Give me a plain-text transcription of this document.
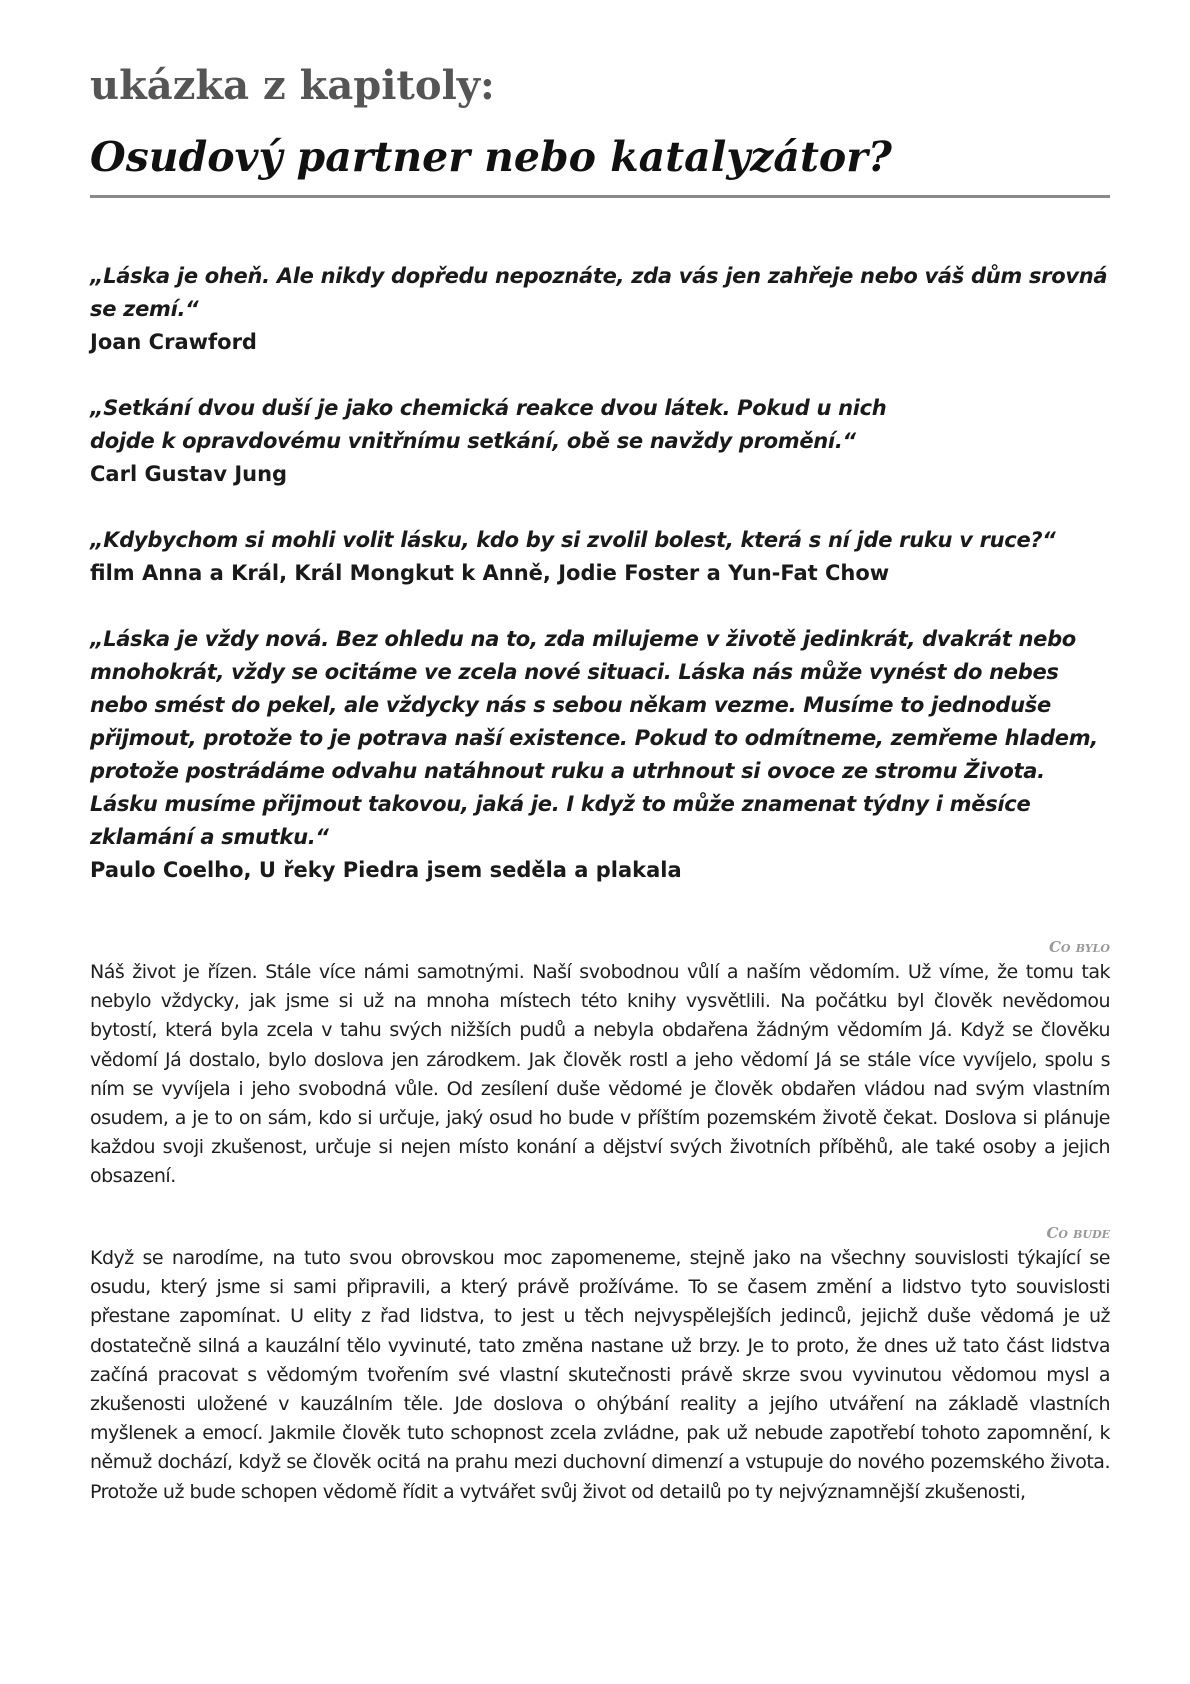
ukázka z kapitoly:
Osudový partner nebo katalyzátor?

„Láska je oheň. Ale nikdy dopředu nepoznáte, zda vás jen zahřeje nebo váš dům srovná se zemí.“

Joan Crawford

„Setkání dvou duší je jako chemická reakce dvou látek. Pokud u nich dojde k opravdovému vnitřnímu setkání, obě se navždy promění.“

Carl Gustav Jung

„Kdybychom si mohli volit lásku, kdo by si zvolil bolest, která s ní jde ruku v ruce?“

film Anna a Král, Král Mongkut k Anně, Jodie Foster a Yun-Fat Chow

„Láska je vždy nová. Bez ohledu na to, zda milujeme v životě jedinkrát, dvakrát nebo mnohokrát, vždy se ocitáme ve zcela nové situaci. Láska nás může vynést do nebes nebo smést do pekel, ale vždycky nás s sebou někam vezme. Musíme to jednoduše přijmout, protože to je potrava naší existence. Pokud to odmítneme, zemřeme hladem, protože postrádáme odvahu natáhnout ruku a utrhnout si ovoce ze stromu Života. Lásku musíme přijmout takovou, jaká je. I když to může znamenat týdny i měsíce zklamání a smutku.“

Paulo Coelho, U řeky Piedra jsem seděla a plakala

Co bylo

Náš život je řízen. Stále více námi samotnými. Naší svobodnou vůlí a naším vědomím. Už víme, že tomu tak nebylo vždycky, jak jsme si už na mnoha místech této knihy vysvětlili. Na počátku byl člověk nevědomou bytostí, která byla zcela v tahu svých nižších pudů a nebyla obdařena žádným vědomím Já. Když se člověku vědomí Já dostalo, bylo doslova jen zárodkem. Jak člověk rostl a jeho vědomí Já se stále více vyvíjelo, spolu s ním se vyvíjela i jeho svobodná vůle. Od zesílení duše vědomé je člověk obdařen vládou nad svým vlastním osudem, a je to on sám, kdo si určuje, jaký osud ho bude v příštím pozemském životě čekat. Doslova si plánuje každou svoji zkušenost, určuje si nejen místo konání a dějství svých životních příběhů, ale také osoby a jejich obsazení.

Co bude

Když se narodíme, na tuto svou obrovskou moc zapomeneme, stejně jako na všechny souvislosti týkající se osudu, který jsme si sami připravili, a který právě prožíváme. To se časem změní a lidstvo tyto souvislosti přestane zapomínat. U elity z řad lidstva, to jest u těch nejvyspělejších jedinců, jejichž duše vědomá je už dostatečně silná a kauzální tělo vyvinuté, tato změna nastane už brzy. Je to proto, že dnes už tato část lidstva začíná pracovat s vědomým tvořením své vlastní skutečnosti právě skrze svou vyvinutou vědomou mysl a zkušenosti uložené v kauzálním těle. Jde doslova o ohýbání reality a jejího utváření na základě vlastních myšlenek a emocí. Jakmile člověk tuto schopnost zcela zvládne, pak už nebude zapotřebí tohoto zapomnění, k němuž dochází, když se člověk ocitá na prahu mezi duchovní dimenzí a vstupuje do nového pozemského života. Protože už bude schopen vědomě řídit a vytvářet svůj život od detailů po ty nejvýznamnější zkušenosti,
